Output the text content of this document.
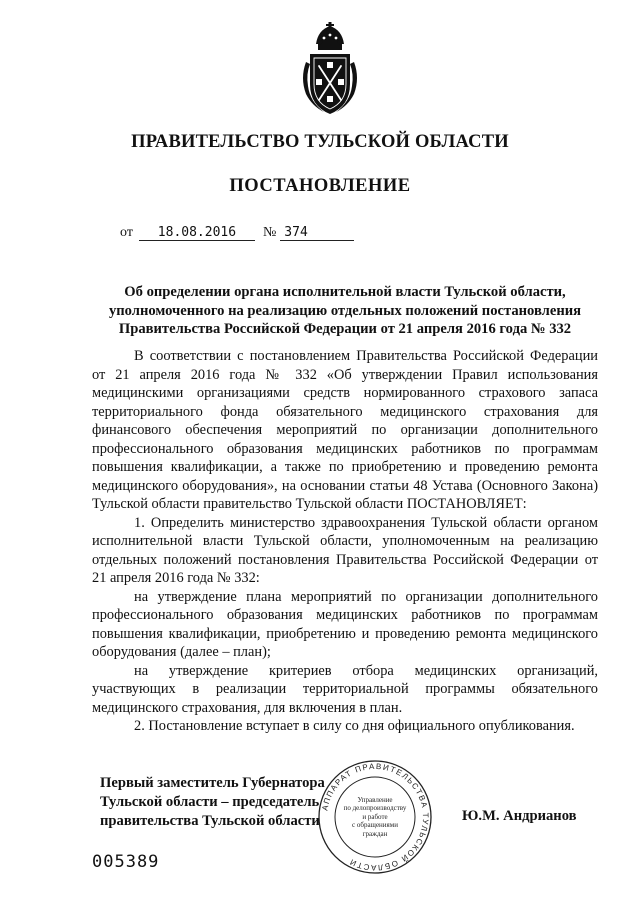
ПРАВИТЕЛЬСТВО ТУЛЬСКОЙ ОБЛАСТИ
ПОСТАНОВЛЕНИЕ
от	18.08.2016	№ 374
Об определении органа исполнительной власти Тульской области, уполномоченного на реализацию отдельных положений постановления Правительства Российской Федерации от 21 апреля 2016 года № 332

В соответствии с постановлением Правительства Российской Федерации от 21 апреля 2016 года № 332 «Об утверждении Правил использования медицинскими организациями средств нормированного страхового запаса территориального фонда обязательного медицинского страхования для финансового обеспечения мероприятий по организации дополнительного профессионального образования медицинских работников по программам повышения квалификации, а также по приобретению и проведению ремонта медицинского оборудования», на основании статьи 48 Устава (Основного Закона) Тульской области правительство Тульской области ПОСТАНОВЛЯЕТ:

1. Определить министерство здравоохранения Тульской области органом исполнительной власти Тульской области, уполномоченным на реализацию отдельных положений постановления Правительства Российской Федерации от 21 апреля 2016 года № 332:

на утверждение плана мероприятий по организации дополнительного профессионального образования медицинских работников по программам повышения квалификации, приобретению и проведению ремонта медицинского оборудования (далее – план);

на утверждение критериев отбора медицинских организаций, участвующих в реализации территориальной программы обязательного медицинского страхования, для включения в план.

2. Постановление вступает в силу со дня официального опубликования.

Первый заместитель Губернатора
Тульской области – председатель
правительства Тульской области	Ю.М. Андрианов
АППАРАТ ПРАВИТЕЛЬСТВА ТУЛЬСКОЙ ОБЛАСТИ
Управление
по делопроизводству
и работе
с обращениями
граждан
005389
